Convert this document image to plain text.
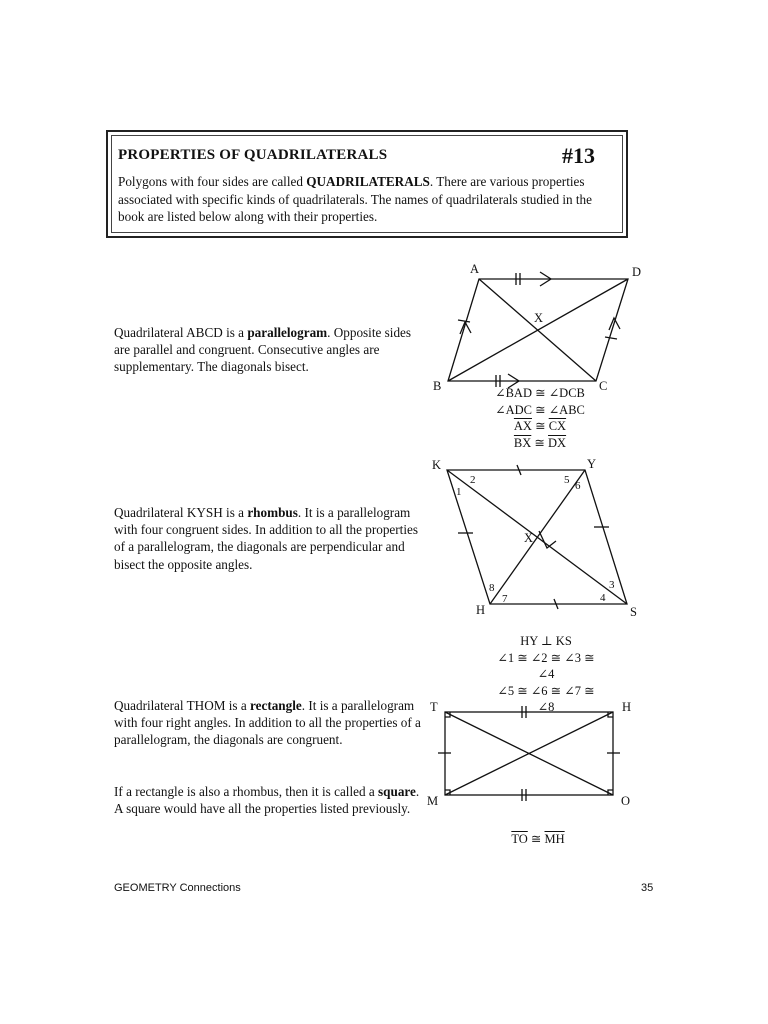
PROPERTIES OF QUADRILATERALS	#13
Polygons with four sides are called QUADRILATERALS. There are various properties associated with specific kinds of quadrilaterals. The names of quadrilaterals studied in the book are listed below along with their properties.
Quadrilateral ABCD is a parallelogram. Opposite sides are parallel and congruent. Consecutive angles are supplementary. The diagonals bisect.
A	D
B	C
X
K	Y
S
H
X
1
2
3
4
5 6
7
8
T	H
O
M
∠BAD ≅ ∠DCB
∠ADC ≅ ∠ABC
$\overline{AX}$ ≅ $\overline{CX}$
$\overline{BX}$ ≅ $\overline{DX}$
Quadrilateral KYSH is a rhombus. It is a parallelogram with four congruent sides. In addition to all the properties of a parallelogram, the diagonals are perpendicular and bisect the opposite angles.
HY ⊥ KS
∠1 ≅ ∠2 ≅ ∠3 ≅ ∠4
∠5 ≅ ∠6 ≅ ∠7 ≅ ∠8
Quadrilateral THOM is a rectangle. It is a parallelogram with four right angles. In addition to all the properties of a parallelogram, the diagonals are congruent.
If a rectangle is also a rhombus, then it is called a square. A square would have all the properties listed previously.
$\overline{TO}$ ≅ $\overline{MH}$
GEOMETRY Connections	35
